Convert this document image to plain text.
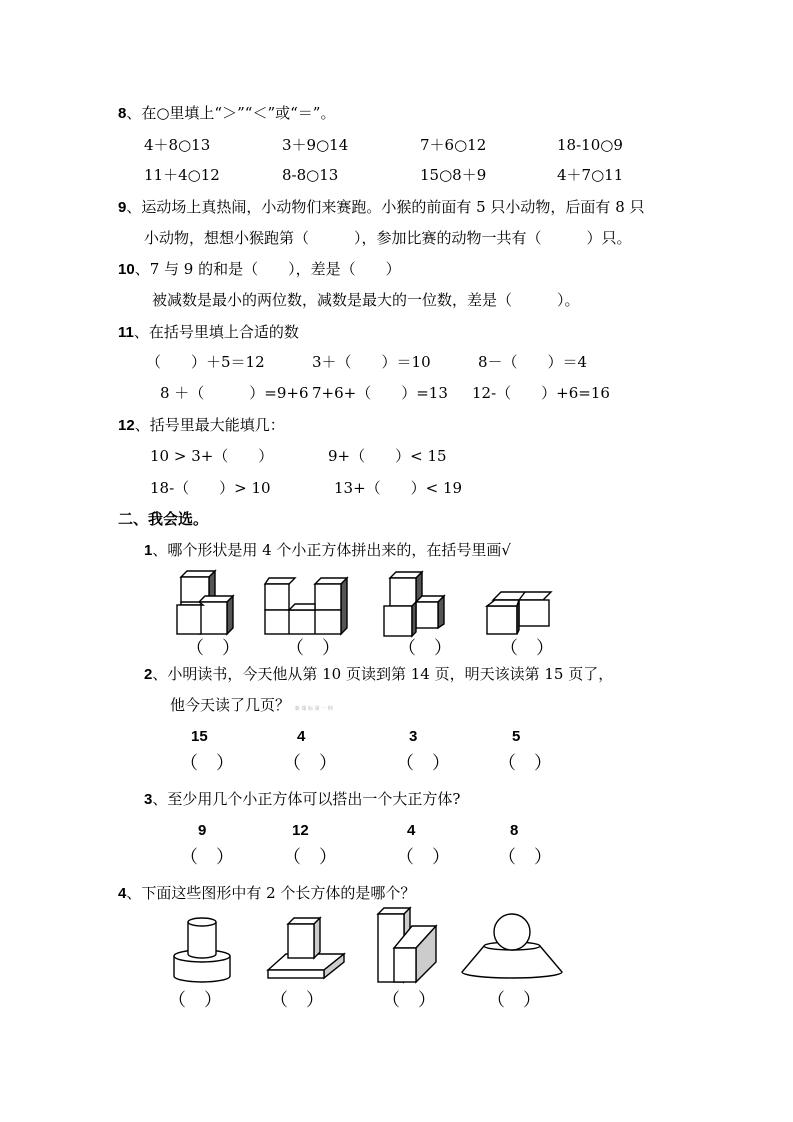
8、在○里填上“＞”“＜”或“＝”。
4＋8○13	3＋9○14	7＋6○12	18-10○9
11＋4○12	8-8○13	15○8＋9	4＋7○11
9、运动场上真热闹，小动物们来赛跑。小猴的前面有 5 只小动物，后面有 8 只
小动物，想想小猴跑第（　　　），参加比赛的动物一共有（　　　）只。
10、7 与 9 的和是（　　），差是（　　）
被减数是最小的两位数，减数是最大的一位数，差是（　　　）。
11、在括号里填上合适的数
（　　）＋5＝12	3＋（　　）＝10	8－（　　）＝4
8 ＋（　　　）=9+6 7+6+（　　）=13 12-（　　）+6=16
12、括号里最大能填几：
10 > 3+（　　）	9+（　　）< 15
18-（　　）> 10	13+（　　）< 19
二、我会选。
1、哪个形状是用 4 个小正方体拼出来的，在括号里画√
（　）	（　）	（　）	（　）
2、小明读书，今天他从第 10 页读到第 14 页，明天该读第 15 页了，
他今天读了几页？ 新 课 标 第 一 网
15	4	3	5
（　）	（　）	（　）	（　）
3、至少用几个小正方体可以搭出一个大正方体?
9	12	4	8
（　）	（　）	（　）	（　）
4、下面这些图形中有 2 个长方体的是哪个？
（　）	（　）	（　）	（　）
